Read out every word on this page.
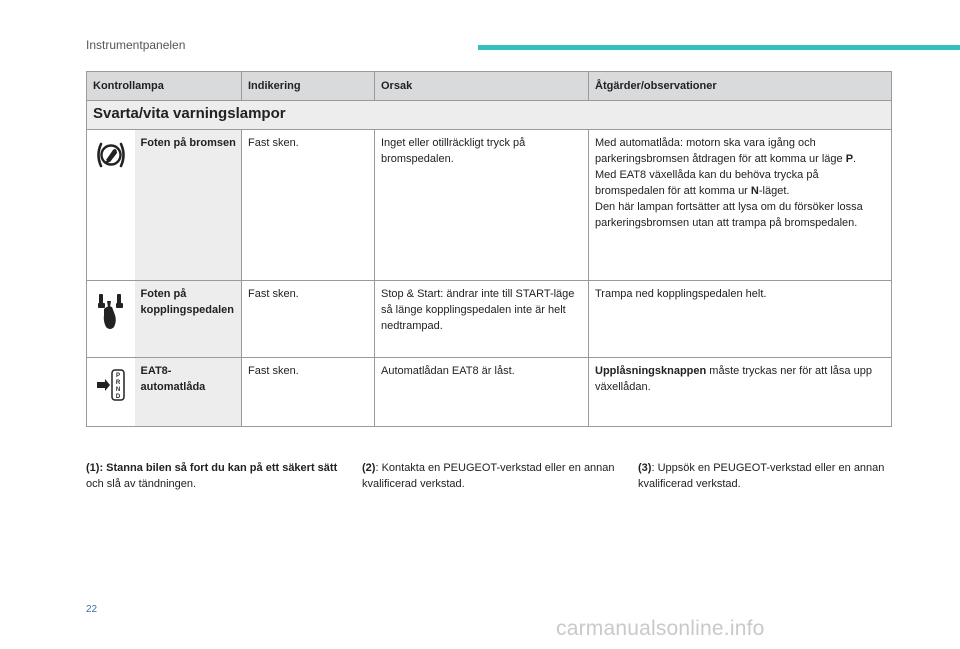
Instrumentpanelen
Kontrollampa		Indikering	Orsak	Åtgärder/observationer
Svarta/vita varningslampor				

	Foten på bromsen	Fast sken.	Inget eller otillräckligt tryck på bromspedalen.	Med automatlåda: motorn ska vara igång och parkeringsbromsen åtdragen för att komma ur läge P.
Med EAT8 växellåda kan du behöva trycka på bromspedalen för att komma ur N-läget.
Den här lampan fortsätter att lysa om du försöker lossa parkeringsbromsen utan att trampa på bromspedalen.

	Foten på kopplingspedalen	Fast sken.	Stop & Start: ändrar inte till START-läge så länge kopplingspedalen inte är helt nedtrampad.	Trampa ned kopplingspedalen helt.

P
R
N
D	EAT8-automatlåda	Fast sken.	Automatlådan EAT8 är låst.	Upplåsningsknappen måste tryckas ner för att låsa upp växellådan.
(1): Stanna bilen så fort du kan på ett säkert sätt och slå av tändningen.
(2): Kontakta en PEUGEOT-verkstad eller en annan kvalificerad verkstad.
(3): Uppsök en PEUGEOT-verkstad eller en annan kvalificerad verkstad.
22
carmanualsonline.info
